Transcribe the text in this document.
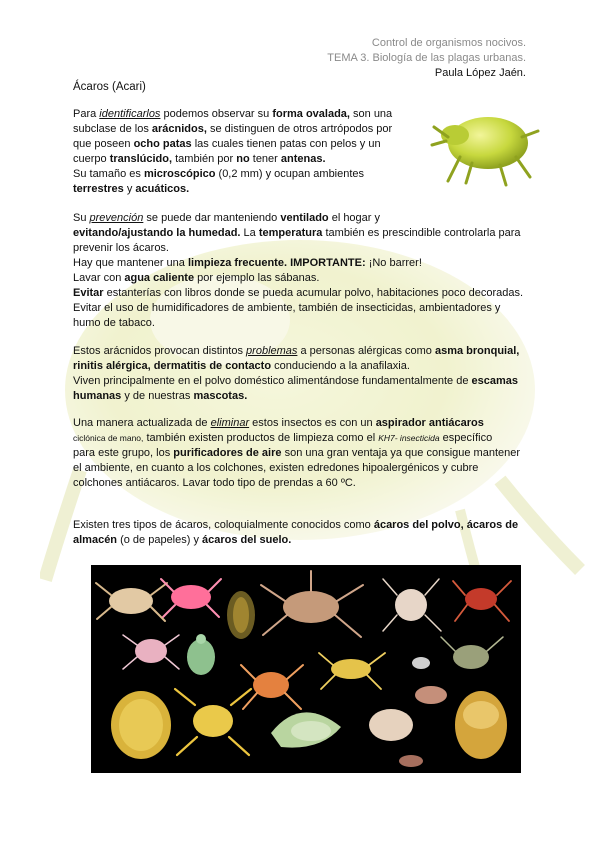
Control de organismos nocivos.
TEMA 3. Biología de las plagas urbanas.
Paula López Jaén.
Ácaros (Acari)
Para identificarlos podemos observar su forma ovalada, son una
subclase de los arácnidos, se distinguen de otros artrópodos por
que poseen ocho patas las cuales tienen patas con pelos y un
cuerpo translúcido, también por no tener antenas.
Su tamaño es microscópico (0,2 mm) y ocupan ambientes
terrestres y acuáticos.
Su prevención se puede dar manteniendo ventilado el hogar y
evitando/ajustando la humedad. La temperatura también es prescindible controlarla para
prevenir los ácaros.
Hay que mantener una limpieza frecuente. IMPORTANTE: ¡No barrer!
Lavar con agua caliente por ejemplo las sábanas.
Evitar estanterías con libros donde se pueda acumular polvo, habitaciones poco decoradas.
Evitar el uso de humidificadores de ambiente, también de insecticidas, ambientadores y
humo de tabaco.
Estos arácnidos provocan distintos problemas a personas alérgicas como asma bronquial,
rinitis alérgica, dermatitis de contacto conduciendo a la anafilaxia.
Viven principalmente en el polvo doméstico alimentándose fundamentalmente de escamas
humanas y de nuestras mascotas.
Una manera actualizada de eliminar estos insectos es con un aspirador antiácaros
ciclónica de mano, también existen productos de limpieza como el KH7- insecticida específico
para este grupo, los purificadores de aire son una gran ventaja ya que consigue mantener
el ambiente, en cuanto a los colchones, existen edredones hipoalergénicos y cubre
colchones antiácaros. Lavar todo tipo de prendas a 60 ºC.
Existen tres tipos de ácaros, coloquialmente conocidos como ácaros del polvo, ácaros de
almacén (o de papeles) y ácaros del suelo.
